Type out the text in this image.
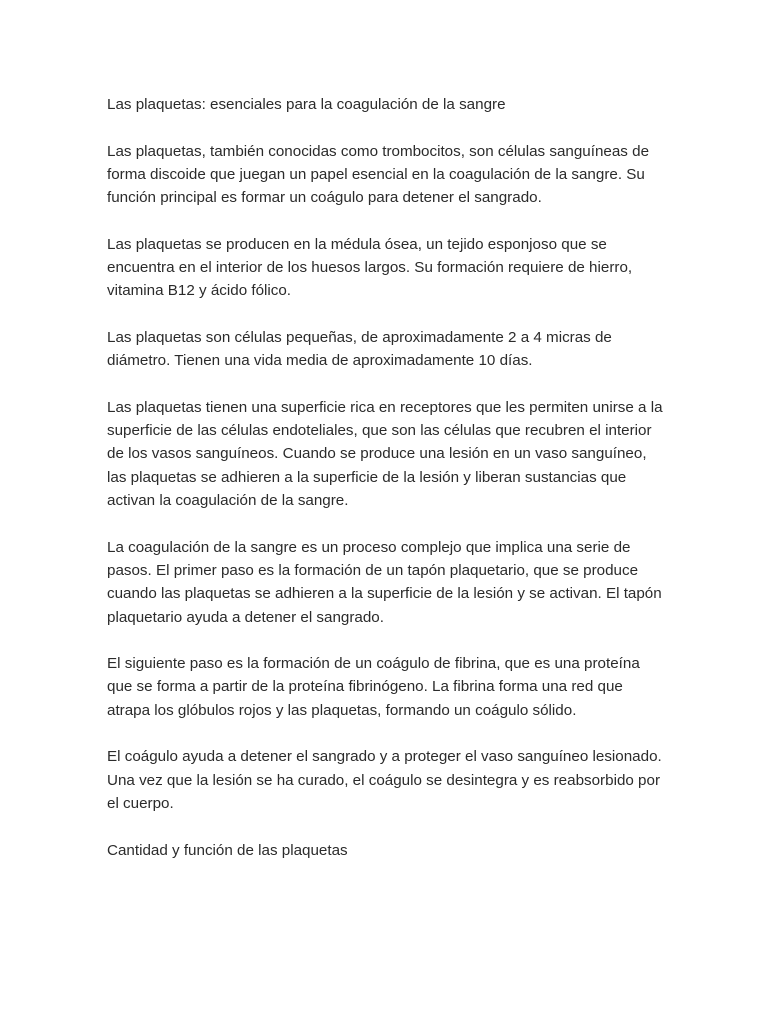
Las plaquetas: esenciales para la coagulación de la sangre

Las plaquetas, también conocidas como trombocitos, son células sanguíneas de
forma discoide que juegan un papel esencial en la coagulación de la sangre. Su
función principal es formar un coágulo para detener el sangrado.

Las plaquetas se producen en la médula ósea, un tejido esponjoso que se
encuentra en el interior de los huesos largos. Su formación requiere de hierro,
vitamina B12 y ácido fólico.

Las plaquetas son células pequeñas, de aproximadamente 2 a 4 micras de
diámetro. Tienen una vida media de aproximadamente 10 días.

Las plaquetas tienen una superficie rica en receptores que les permiten unirse a la
superficie de las células endoteliales, que son las células que recubren el interior
de los vasos sanguíneos. Cuando se produce una lesión en un vaso sanguíneo,
las plaquetas se adhieren a la superficie de la lesión y liberan sustancias que
activan la coagulación de la sangre.

La coagulación de la sangre es un proceso complejo que implica una serie de
pasos. El primer paso es la formación de un tapón plaquetario, que se produce
cuando las plaquetas se adhieren a la superficie de la lesión y se activan. El tapón
plaquetario ayuda a detener el sangrado.

El siguiente paso es la formación de un coágulo de fibrina, que es una proteína
que se forma a partir de la proteína fibrinógeno. La fibrina forma una red que
atrapa los glóbulos rojos y las plaquetas, formando un coágulo sólido.

El coágulo ayuda a detener el sangrado y a proteger el vaso sanguíneo lesionado.
Una vez que la lesión se ha curado, el coágulo se desintegra y es reabsorbido por
el cuerpo.

Cantidad y función de las plaquetas
